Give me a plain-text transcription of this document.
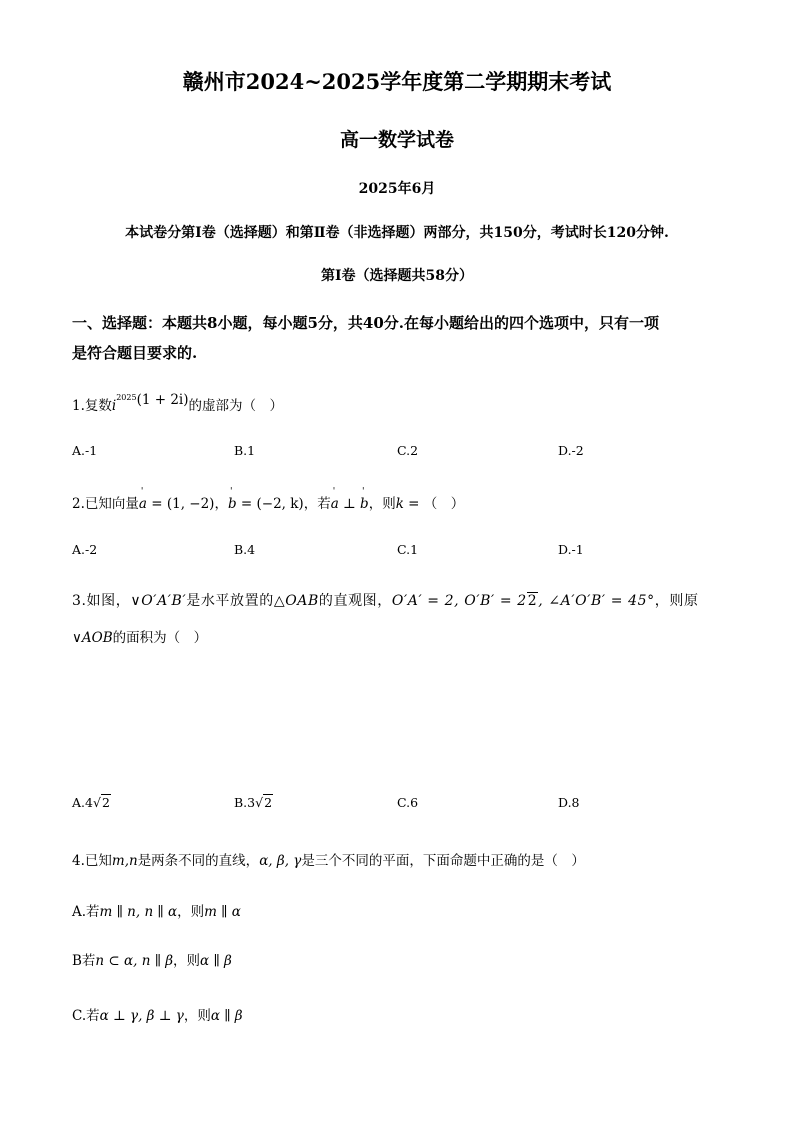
赣州市2024~2025学年度第二学期期末考试
高一数学试卷
2025年6月
本试卷分第Ⅰ卷（选择题）和第Ⅱ卷（非选择题）两部分，共150分，考试时长120分钟.
第Ⅰ卷（选择题共58分）
一、选择题：本题共8小题，每小题5分，共40分.在每小题给出的四个选项中，只有一项
是符合题目要求的.
1.复数$i^{2025}(1 + 2i)$的虚部为（　）
A.-1	B.1	C.2	D.-2
2.已知向量' a = (1, −2)，' b = (−2, k)，若' a ⊥ ' b，则k = （　）
A.-2	B.4	C.1	D.-1
3.如图，∨O′A′B′是水平放置的△OAB的直观图，O′A′ = 2, O′B′ = 22, ∠A′O′B′ = 45°，则原
∨AOB的面积为（　）
A.4√2	B.3√2	C.6	D.8
4.已知m,n是两条不同的直线，α, β, γ是三个不同的平面，下面命题中正确的是（　）
A.若m ∥ n, n ∥ α，则m ∥ α
B若n ⊂ α, n ∥ β，则α ∥ β
C.若α ⊥ γ, β ⊥ γ，则α ∥ β
